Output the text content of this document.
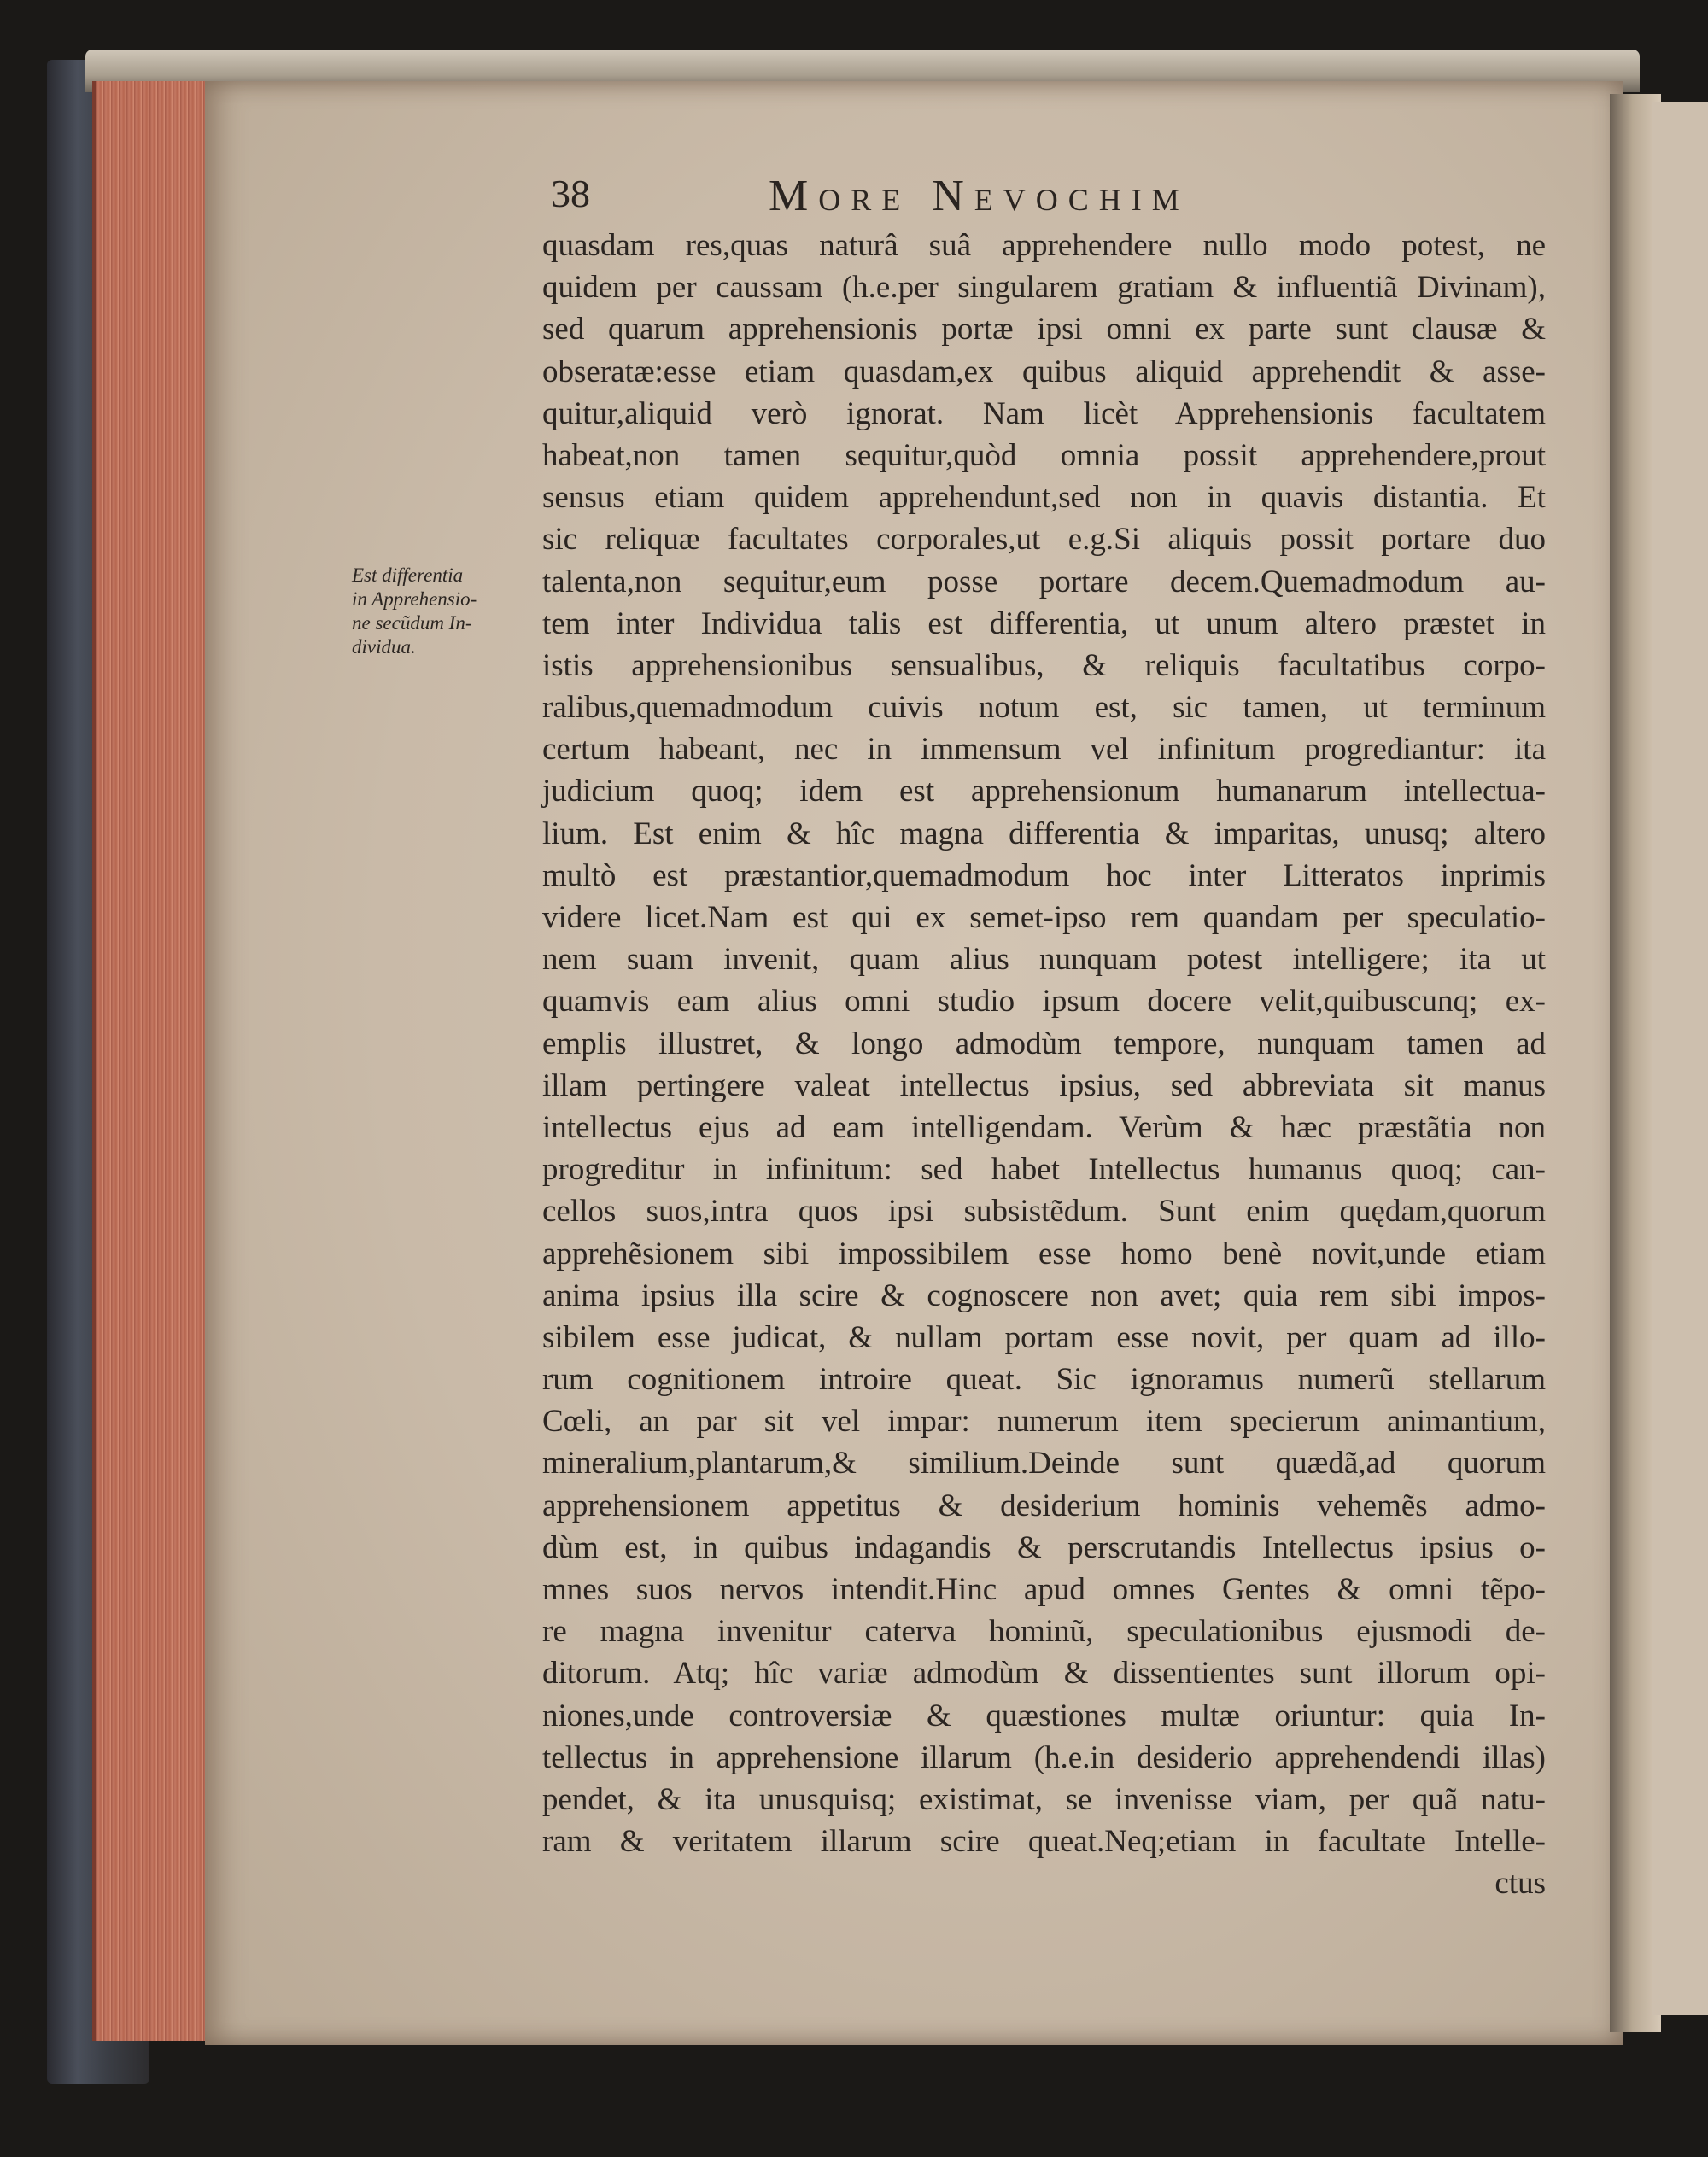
38	More Nevochim
Est differentia
in Apprehensio-
ne secũdum In-
dividua.
quasdam res,quas naturâ suâ apprehendere nullo modo potest, ne
quidem per caussam (h.e.per singularem gratiam & influentiã Divinam),
sed quarum apprehensionis portæ ipsi omni ex parte sunt clausæ &
obseratæ:esse etiam quasdam,ex quibus aliquid apprehendit & asse-
quitur,aliquid verò ignorat. Nam licèt Apprehensionis facultatem
habeat,non tamen sequitur,quòd omnia possit apprehendere,prout
sensus etiam quidem apprehendunt,sed non in quavis distantia. Et
sic reliquæ facultates corporales,ut e.g.Si aliquis possit portare duo
talenta,non sequitur,eum posse portare decem.Quemadmodum au-
tem inter Individua talis est differentia, ut unum altero præstet in
istis apprehensionibus sensualibus, & reliquis facultatibus corpo-
ralibus,quemadmodum cuivis notum est, sic tamen, ut terminum
certum habeant, nec in immensum vel infinitum progrediantur: ita
judicium quoq; idem est apprehensionum humanarum intellectua-
lium. Est enim & hîc magna differentia & imparitas, unusq; altero
multò est præstantior,quemadmodum hoc inter Litteratos inprimis
videre licet.Nam est qui ex semet-ipso rem quandam per speculatio-
nem suam invenit, quam alius nunquam potest intelligere; ita ut
quamvis eam alius omni studio ipsum docere velit,quibuscunq; ex-
emplis illustret, & longo admodùm tempore, nunquam tamen ad
illam pertingere valeat intellectus ipsius, sed abbreviata sit manus
intellectus ejus ad eam intelligendam. Verùm & hæc præstãtia non
progreditur in infinitum: sed habet Intellectus humanus quoq; can-
cellos suos,intra quos ipsi subsistẽdum. Sunt enim quędam,quorum
apprehẽsionem sibi impossibilem esse homo benè novit,unde etiam
anima ipsius illa scire & cognoscere non avet; quia rem sibi impos-
sibilem esse judicat, & nullam portam esse novit, per quam ad illo-
rum cognitionem introire queat. Sic ignoramus numerũ stellarum
Cœli, an par sit vel impar: numerum item specierum animantium,
mineralium,plantarum,& similium.Deinde sunt quædã,ad quorum
apprehensionem appetitus & desiderium hominis vehemẽs admo-
dùm est, in quibus indagandis & perscrutandis Intellectus ipsius o-
mnes suos nervos intendit.Hinc apud omnes Gentes & omni tẽpo-
re magna invenitur caterva hominũ, speculationibus ejusmodi de-
ditorum. Atq; hîc variæ admodùm & dissentientes sunt illorum opi-
niones,unde controversiæ & quæstiones multæ oriuntur: quia In-
tellectus in apprehensione illarum (h.e.in desiderio apprehendendi illas)
pendet, & ita unusquisq; existimat, se invenisse viam, per quã natu-
ram & veritatem illarum scire queat.Neq;etiam in facultate Intelle-
ctus
